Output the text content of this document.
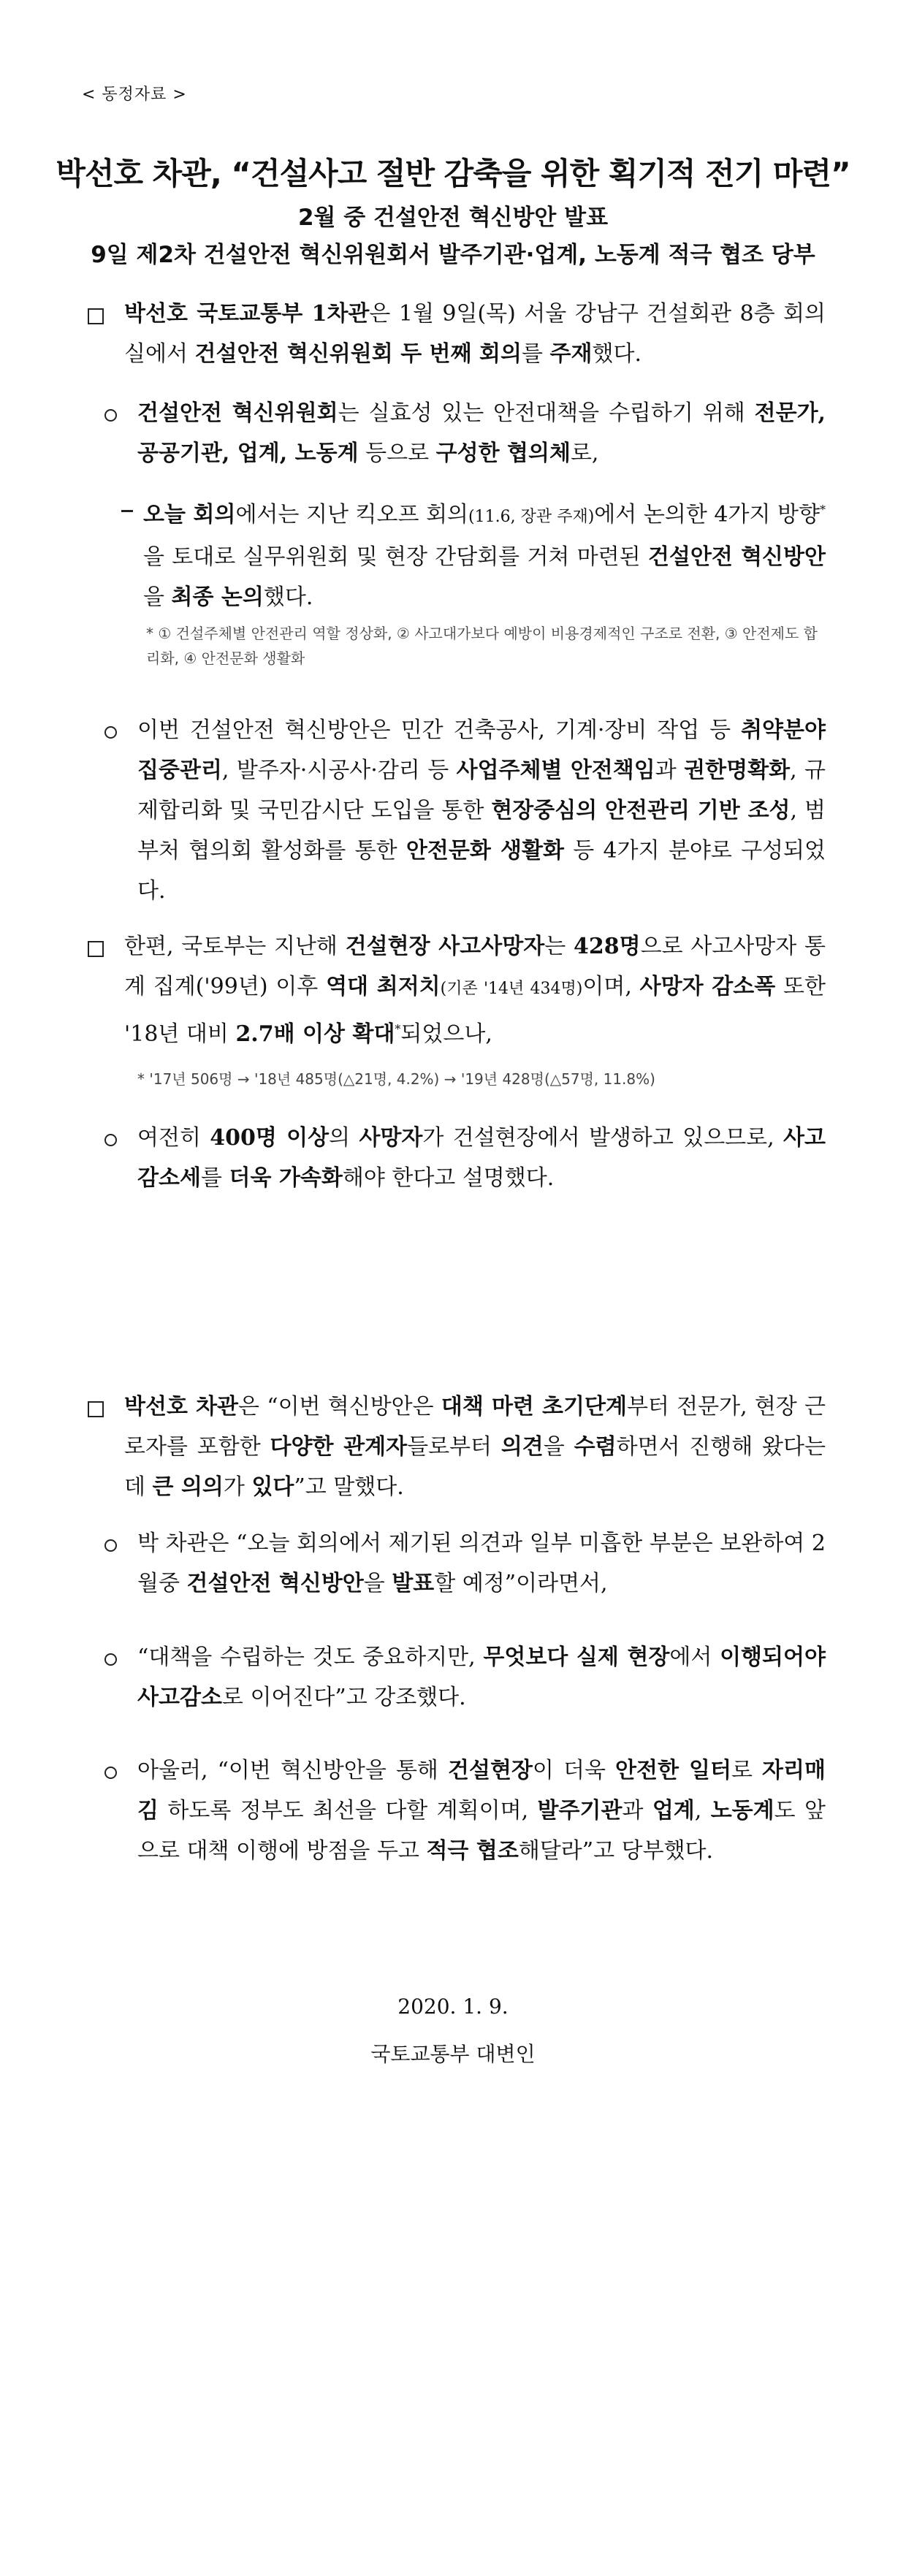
< 동정자료 >
박선호 차관, “건설사고 절반 감축을 위한 획기적 전기 마련”
2월 중 건설안전 혁신방안 발표
9일 제2차 건설안전 혁신위원회서 발주기관·업계, 노동계 적극 협조 당부
박선호 국토교통부 1차관은 1월 9일(목) 서울 강남구 건설회관 8층 회의실에서 건설안전 혁신위원회 두 번째 회의를 주재했다.
건설안전 혁신위원회는 실효성 있는 안전대책을 수립하기 위해 전문가, 공공기관, 업계, 노동계 등으로 구성한 협의체로,
오늘 회의에서는 지난 킥오프 회의(11.6, 장관 주재)에서 논의한 4가지 방향*을 토대로 실무위원회 및 현장 간담회를 거쳐 마련된 건설안전 혁신방안을 최종 논의했다.
* ① 건설주체별 안전관리 역할 정상화, ② 사고대가보다 예방이 비용경제적인 구조로 전환, ③ 안전제도 합리화, ④ 안전문화 생활화
이번 건설안전 혁신방안은 민간 건축공사, 기계·장비 작업 등 취약분야 집중관리, 발주자·시공사·감리 등 사업주체별 안전책임과 권한명확화, 규제합리화 및 국민감시단 도입을 통한 현장중심의 안전관리 기반 조성, 범부처 협의회 활성화를 통한 안전문화 생활화 등 4가지 분야로 구성되었다.
한편, 국토부는 지난해 건설현장 사고사망자는 428명으로 사고사망자 통계 집계('99년) 이후 역대 최저치(기존 '14년 434명)이며, 사망자 감소폭 또한 '18년 대비 2.7배 이상 확대*되었으나,
* '17년 506명 → '18년 485명(△21명, 4.2%) → '19년 428명(△57명, 11.8%)
여전히 400명 이상의 사망자가 건설현장에서 발생하고 있으므로, 사고 감소세를 더욱 가속화해야 한다고 설명했다.
박선호 차관은 “이번 혁신방안은 대책 마련 초기단계부터 전문가, 현장 근로자를 포함한 다양한 관계자들로부터 의견을 수렴하면서 진행해 왔다는 데 큰 의의가 있다”고 말했다.
박 차관은 “오늘 회의에서 제기된 의견과 일부 미흡한 부분은 보완하여 2월중 건설안전 혁신방안을 발표할 예정”이라면서,
“대책을 수립하는 것도 중요하지만, 무엇보다 실제 현장에서 이행되어야 사고감소로 이어진다”고 강조했다.
아울러, “이번 혁신방안을 통해 건설현장이 더욱 안전한 일터로 자리매김 하도록 정부도 최선을 다할 계획이며, 발주기관과 업계, 노동계도 앞으로 대책 이행에 방점을 두고 적극 협조해달라”고 당부했다.
2020. 1. 9.
국토교통부 대변인
